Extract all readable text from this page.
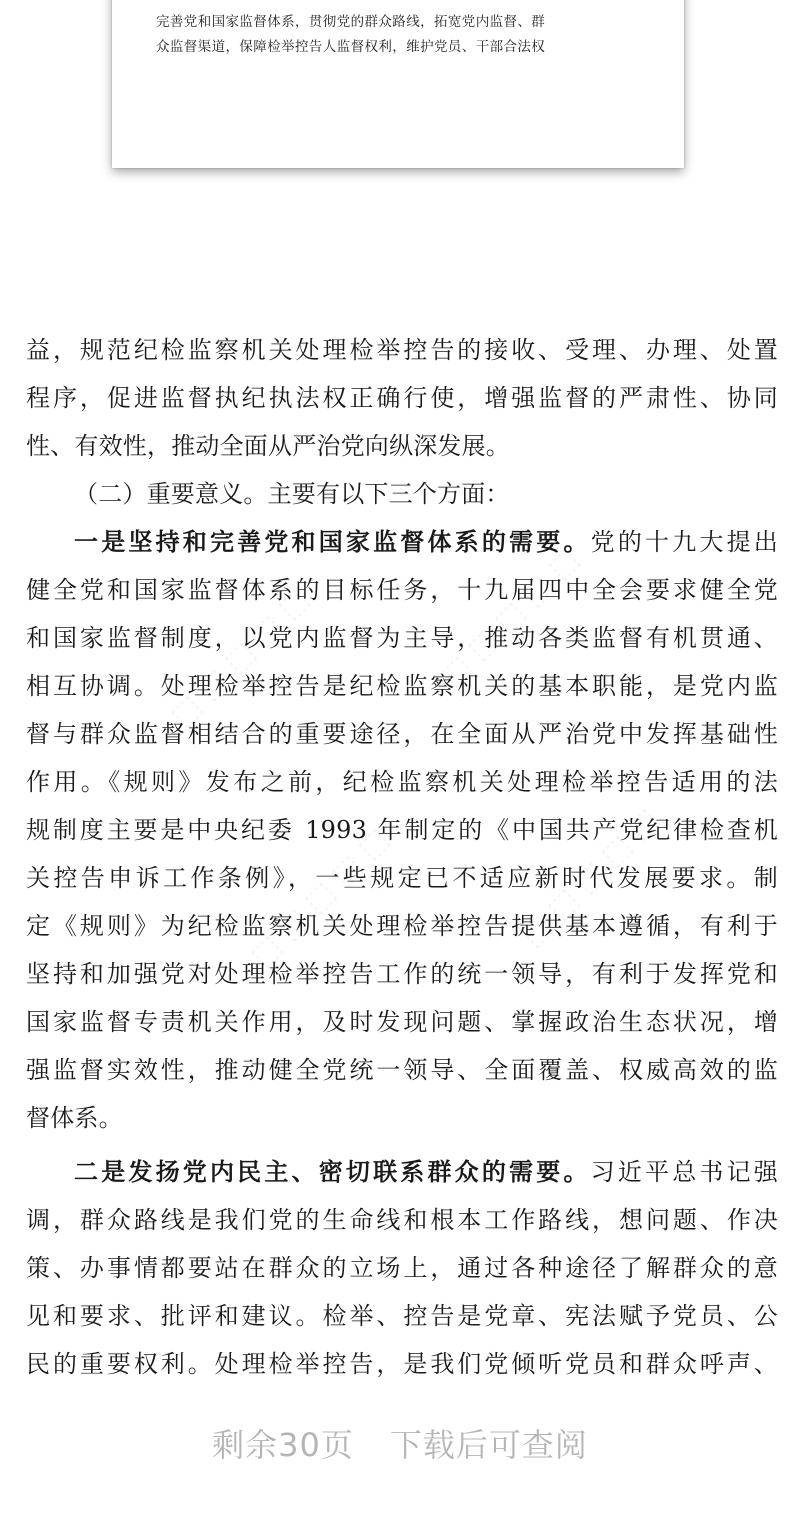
⬚ ⬚ ⬚ ⬚ ⬚	⬚ ⬚ ⬚ ⬚ ⬚
⬚ ⬚ ⬚ ⬚ ⬚	⬚ ⬚ ⬚ ⬚ ⬚
完善党和国家监督体系，贯彻党的群众路线，拓宽党内监督、群
众监督渠道，保障检举控告人监督权利，维护党员、干部合法权
益，规范纪检监察机关处理检举控告的接收、受理、办理、处置
程序，促进监督执纪执法权正确行使，增强监督的严肃性、协同
性、有效性，推动全面从严治党向纵深发展。
（二）重要意义。主要有以下三个方面：
一是坚持和完善党和国家监督体系的需要。党的十九大提出
健全党和国家监督体系的目标任务，十九届四中全会要求健全党
和国家监督制度，以党内监督为主导，推动各类监督有机贯通、
相互协调。处理检举控告是纪检监察机关的基本职能，是党内监
督与群众监督相结合的重要途径，在全面从严治党中发挥基础性
作用。《规则》发布之前，纪检监察机关处理检举控告适用的法
规制度主要是中央纪委 1993 年制定的《中国共产党纪律检查机
关控告申诉工作条例》，一些规定已不适应新时代发展要求。制
定《规则》为纪检监察机关处理检举控告提供基本遵循，有利于
坚持和加强党对处理检举控告工作的统一领导，有利于发挥党和
国家监督专责机关作用，及时发现问题、掌握政治生态状况，增
强监督实效性，推动健全党统一领导、全面覆盖、权威高效的监
督体系。
二是发扬党内民主、密切联系群众的需要。习近平总书记强
调，群众路线是我们党的生命线和根本工作路线，想问题、作决
策、办事情都要站在群众的立场上，通过各种途径了解群众的意
见和要求、批评和建议。检举、控告是党章、宪法赋予党员、公
民的重要权利。处理检举控告，是我们党倾听党员和群众呼声、
剩余30页 下载后可查阅
